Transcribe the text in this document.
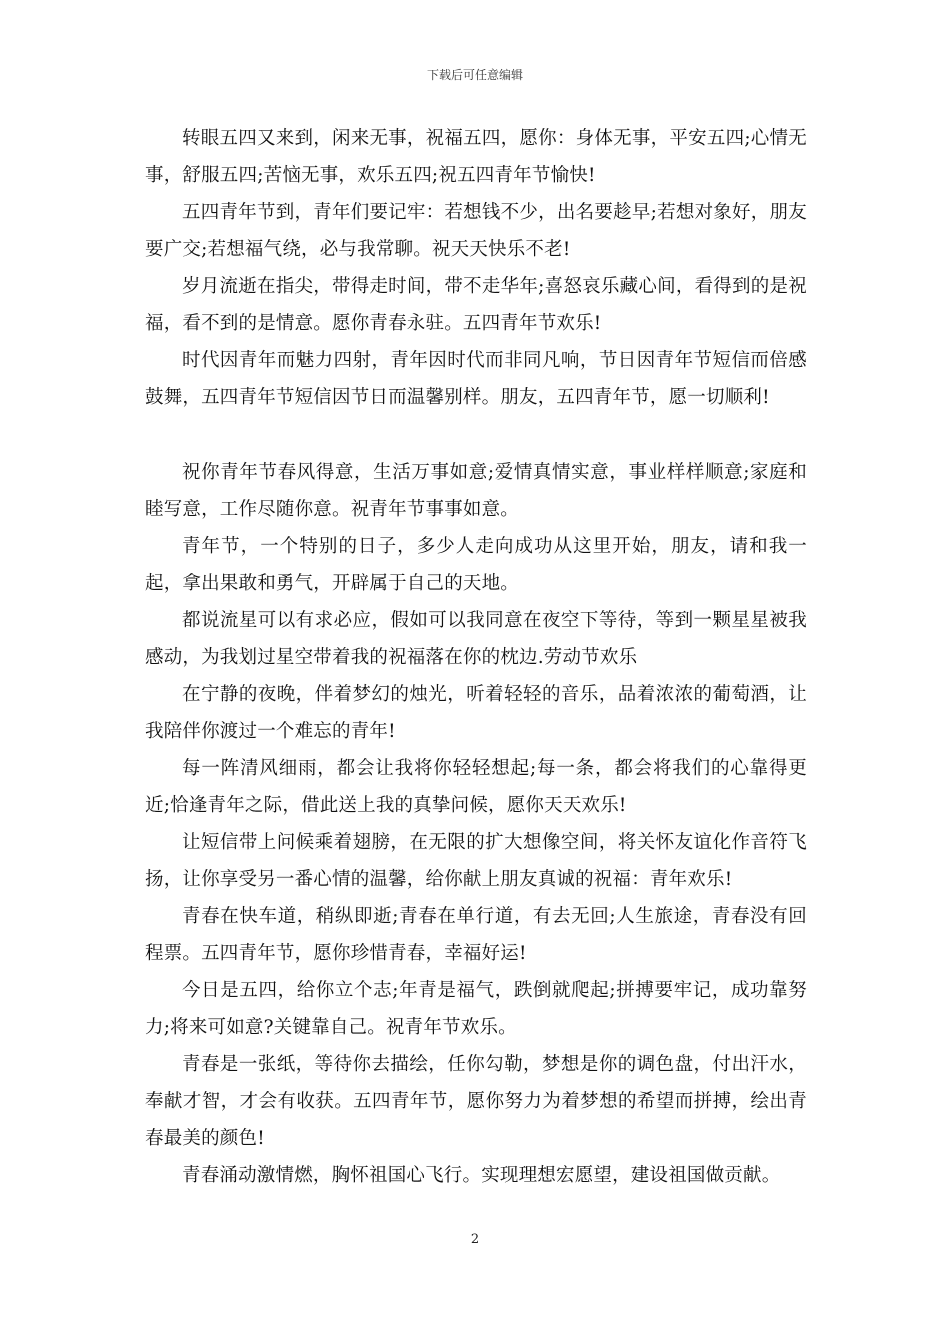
下载后可任意编辑

转眼五四又来到，闲来无事，祝福五四，愿你：身体无事，平安五四;心情无事，舒服五四;苦恼无事，欢乐五四;祝五四青年节愉快!

五四青年节到，青年们要记牢：若想钱不少，出名要趁早;若想对象好，朋友要广交;若想福气绕，必与我常聊。祝天天快乐不老!

岁月流逝在指尖，带得走时间，带不走华年;喜怒哀乐藏心间，看得到的是祝福，看不到的是情意。愿你青春永驻。五四青年节欢乐!

时代因青年而魅力四射，青年因时代而非同凡响，节日因青年节短信而倍感鼓舞，五四青年节短信因节日而温馨别样。朋友，五四青年节，愿一切顺利!

祝你青年节春风得意，生活万事如意;爱情真情实意，事业样样顺意;家庭和睦写意，工作尽随你意。祝青年节事事如意。

青年节，一个特别的日子，多少人走向成功从这里开始，朋友，请和我一起，拿出果敢和勇气，开辟属于自己的天地。

都说流星可以有求必应，假如可以我同意在夜空下等待，等到一颗星星被我感动，为我划过星空带着我的祝福落在你的枕边.劳动节欢乐

在宁静的夜晚，伴着梦幻的烛光，听着轻轻的音乐，品着浓浓的葡萄酒，让我陪伴你渡过一个难忘的青年!

每一阵清风细雨，都会让我将你轻轻想起;每一条，都会将我们的心靠得更近;恰逢青年之际，借此送上我的真挚问候，愿你天天欢乐!

让短信带上问候乘着翅膀，在无限的扩大想像空间，将关怀友谊化作音符飞扬，让你享受另一番心情的温馨，给你献上朋友真诚的祝福：青年欢乐!

青春在快车道，稍纵即逝;青春在单行道，有去无回;人生旅途，青春没有回程票。五四青年节，愿你珍惜青春，幸福好运!

今日是五四，给你立个志;年青是福气，跌倒就爬起;拼搏要牢记，成功靠努力;将来可如意?关键靠自己。祝青年节欢乐。

青春是一张纸，等待你去描绘，任你勾勒，梦想是你的调色盘，付出汗水，奉献才智，才会有收获。五四青年节，愿你努力为着梦想的希望而拼搏，绘出青春最美的颜色!

青春涌动激情燃，胸怀祖国心飞行。实现理想宏愿望，建设祖国做贡献。

2
